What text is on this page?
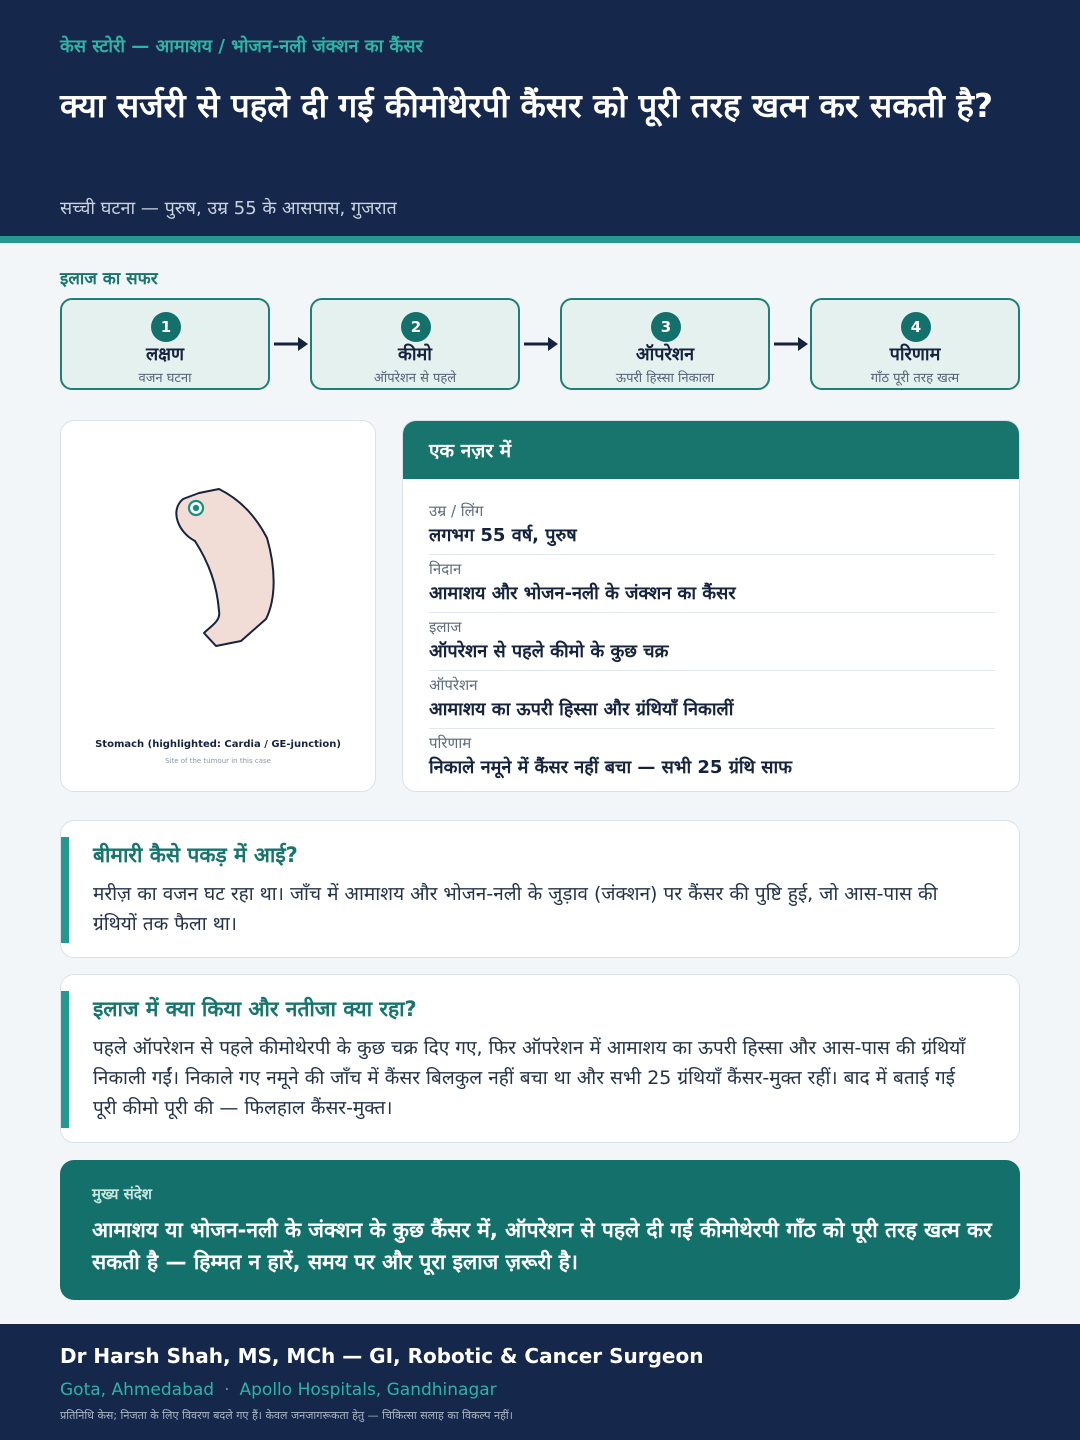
केस स्टोरी — आमाशय / भोजन-नली जंक्शन का कैंसर
क्या सर्जरी से पहले दी गई कीमोथेरपी कैंसर को पूरी तरह खत्म कर सकती है?
सच्ची घटना — पुरुष, उम्र 55 के आसपास, गुजरात
इलाज का सफर
1
लक्षण
वजन घटना
2
कीमो
ऑपरेशन से पहले
3
ऑपरेशन
ऊपरी हिस्सा निकाला
4
परिणाम
गाँठ पूरी तरह खत्म
Stomach (highlighted: Cardia / GE-junction)
Site of the tumour in this case
एक नज़र में
उम्र / लिंग
लगभग 55 वर्ष, पुरुष
निदान
आमाशय और भोजन-नली के जंक्शन का कैंसर
इलाज
ऑपरेशन से पहले कीमो के कुछ चक्र
ऑपरेशन
आमाशय का ऊपरी हिस्सा और ग्रंथियाँ निकालीं
परिणाम
निकाले नमूने में कैंसर नहीं बचा — सभी 25 ग्रंथि साफ
बीमारी कैसे पकड़ में आई?
मरीज़ का वजन घट रहा था। जाँच में आमाशय और भोजन-नली के जुड़ाव (जंक्शन) पर कैंसर की पुष्टि हुई, जो आस-पास की ग्रंथियों तक फैला था।
इलाज में क्या किया और नतीजा क्या रहा?
पहले ऑपरेशन से पहले कीमोथेरपी के कुछ चक्र दिए गए, फिर ऑपरेशन में आमाशय का ऊपरी हिस्सा और आस-पास की ग्रंथियाँ निकाली गईं। निकाले गए नमूने की जाँच में कैंसर बिलकुल नहीं बचा था और सभी 25 ग्रंथियाँ कैंसर-मुक्त रहीं। बाद में बताई गई पूरी कीमो पूरी की — फिलहाल कैंसर-मुक्त।
मुख्य संदेश
आमाशय या भोजन-नली के जंक्शन के कुछ कैंसर में, ऑपरेशन से पहले दी गई कीमोथेरपी गाँठ को पूरी तरह खत्म कर सकती है — हिम्मत न हारें, समय पर और पूरा इलाज ज़रूरी है।
Dr Harsh Shah, MS, MCh — GI, Robotic & Cancer Surgeon
Gota, Ahmedabad · Apollo Hospitals, Gandhinagar
प्रतिनिधि केस; निजता के लिए विवरण बदले गए हैं। केवल जनजागरूकता हेतु — चिकित्सा सलाह का विकल्प नहीं।
